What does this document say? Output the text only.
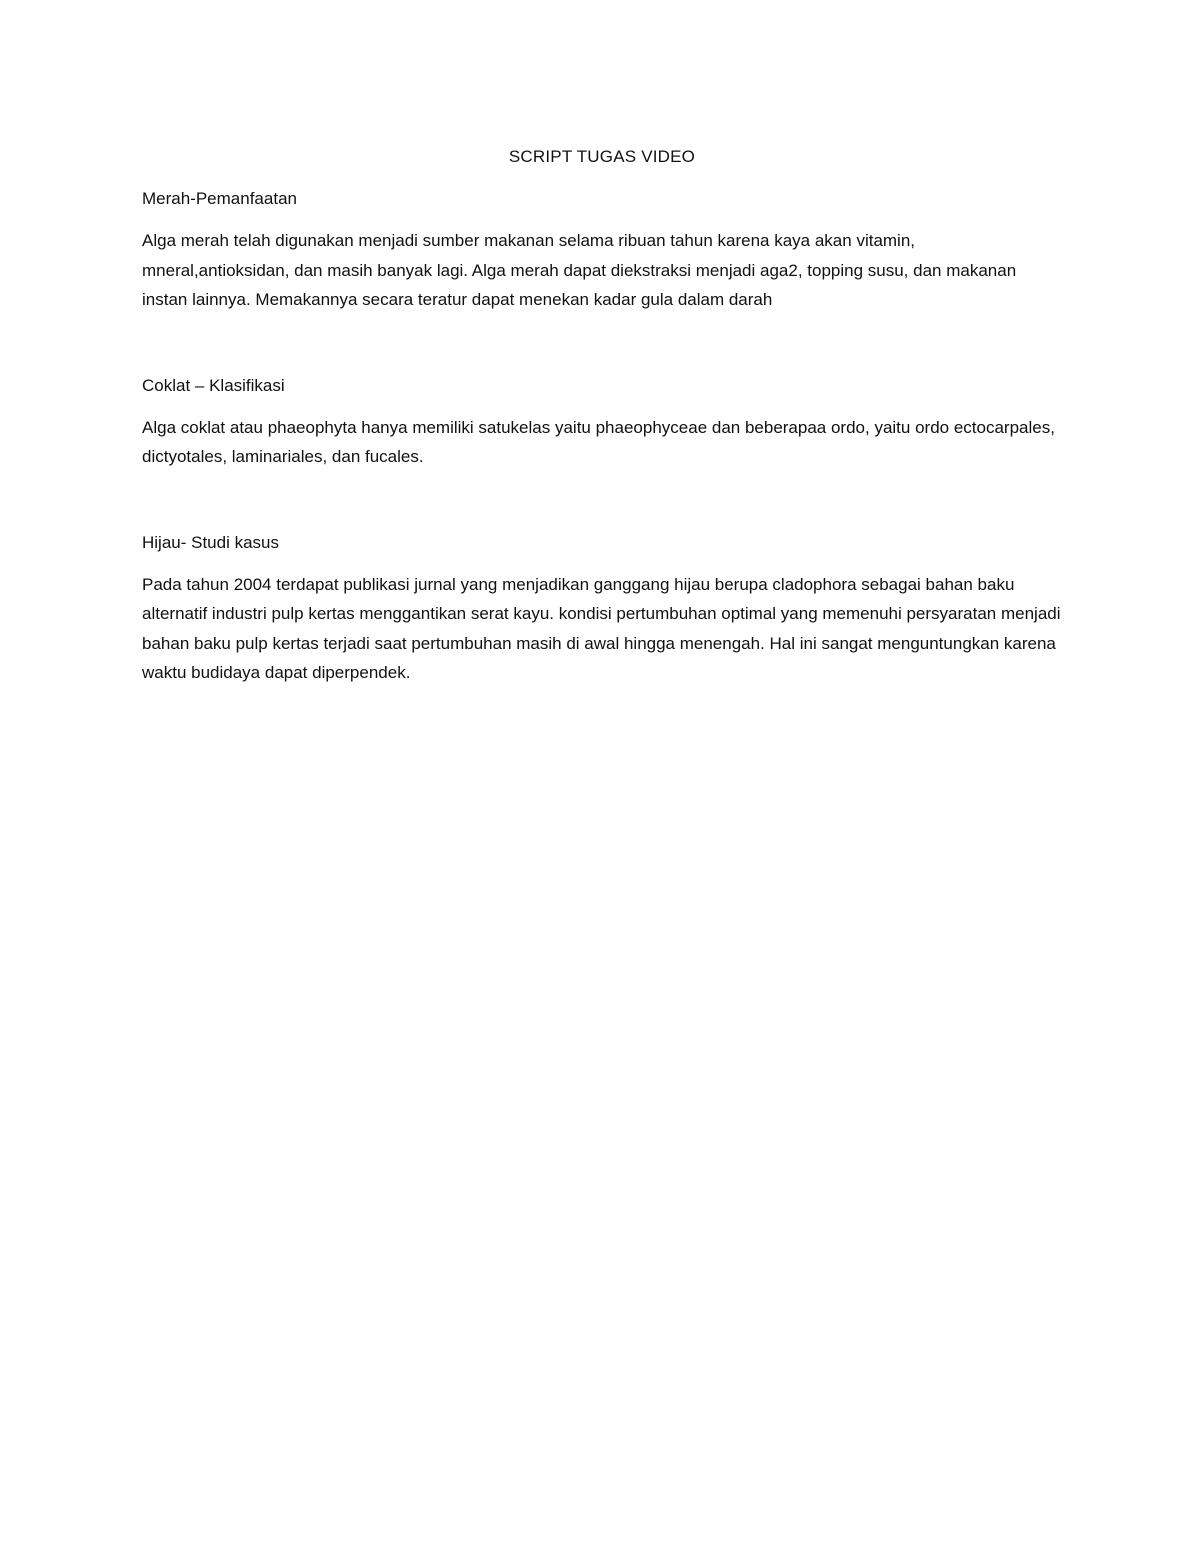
SCRIPT TUGAS VIDEO

Merah-Pemanfaatan

Alga merah telah digunakan menjadi sumber makanan selama ribuan tahun karena kaya akan vitamin, mneral,antioksidan, dan masih banyak lagi. Alga merah dapat diekstraksi menjadi aga2, topping susu, dan makanan instan lainnya. Memakannya secara teratur dapat menekan kadar gula dalam darah

Coklat – Klasifikasi

Alga coklat atau phaeophyta hanya memiliki satukelas yaitu phaeophyceae dan beberapaa ordo, yaitu ordo ectocarpales, dictyotales, laminariales, dan fucales.

Hijau- Studi kasus

Pada tahun 2004 terdapat publikasi jurnal yang menjadikan ganggang hijau berupa cladophora sebagai bahan baku alternatif industri pulp kertas menggantikan serat kayu. kondisi pertumbuhan optimal yang memenuhi persyaratan menjadi bahan baku pulp kertas terjadi saat pertumbuhan masih di awal hingga menengah. Hal ini sangat menguntungkan karena waktu budidaya dapat diperpendek.
